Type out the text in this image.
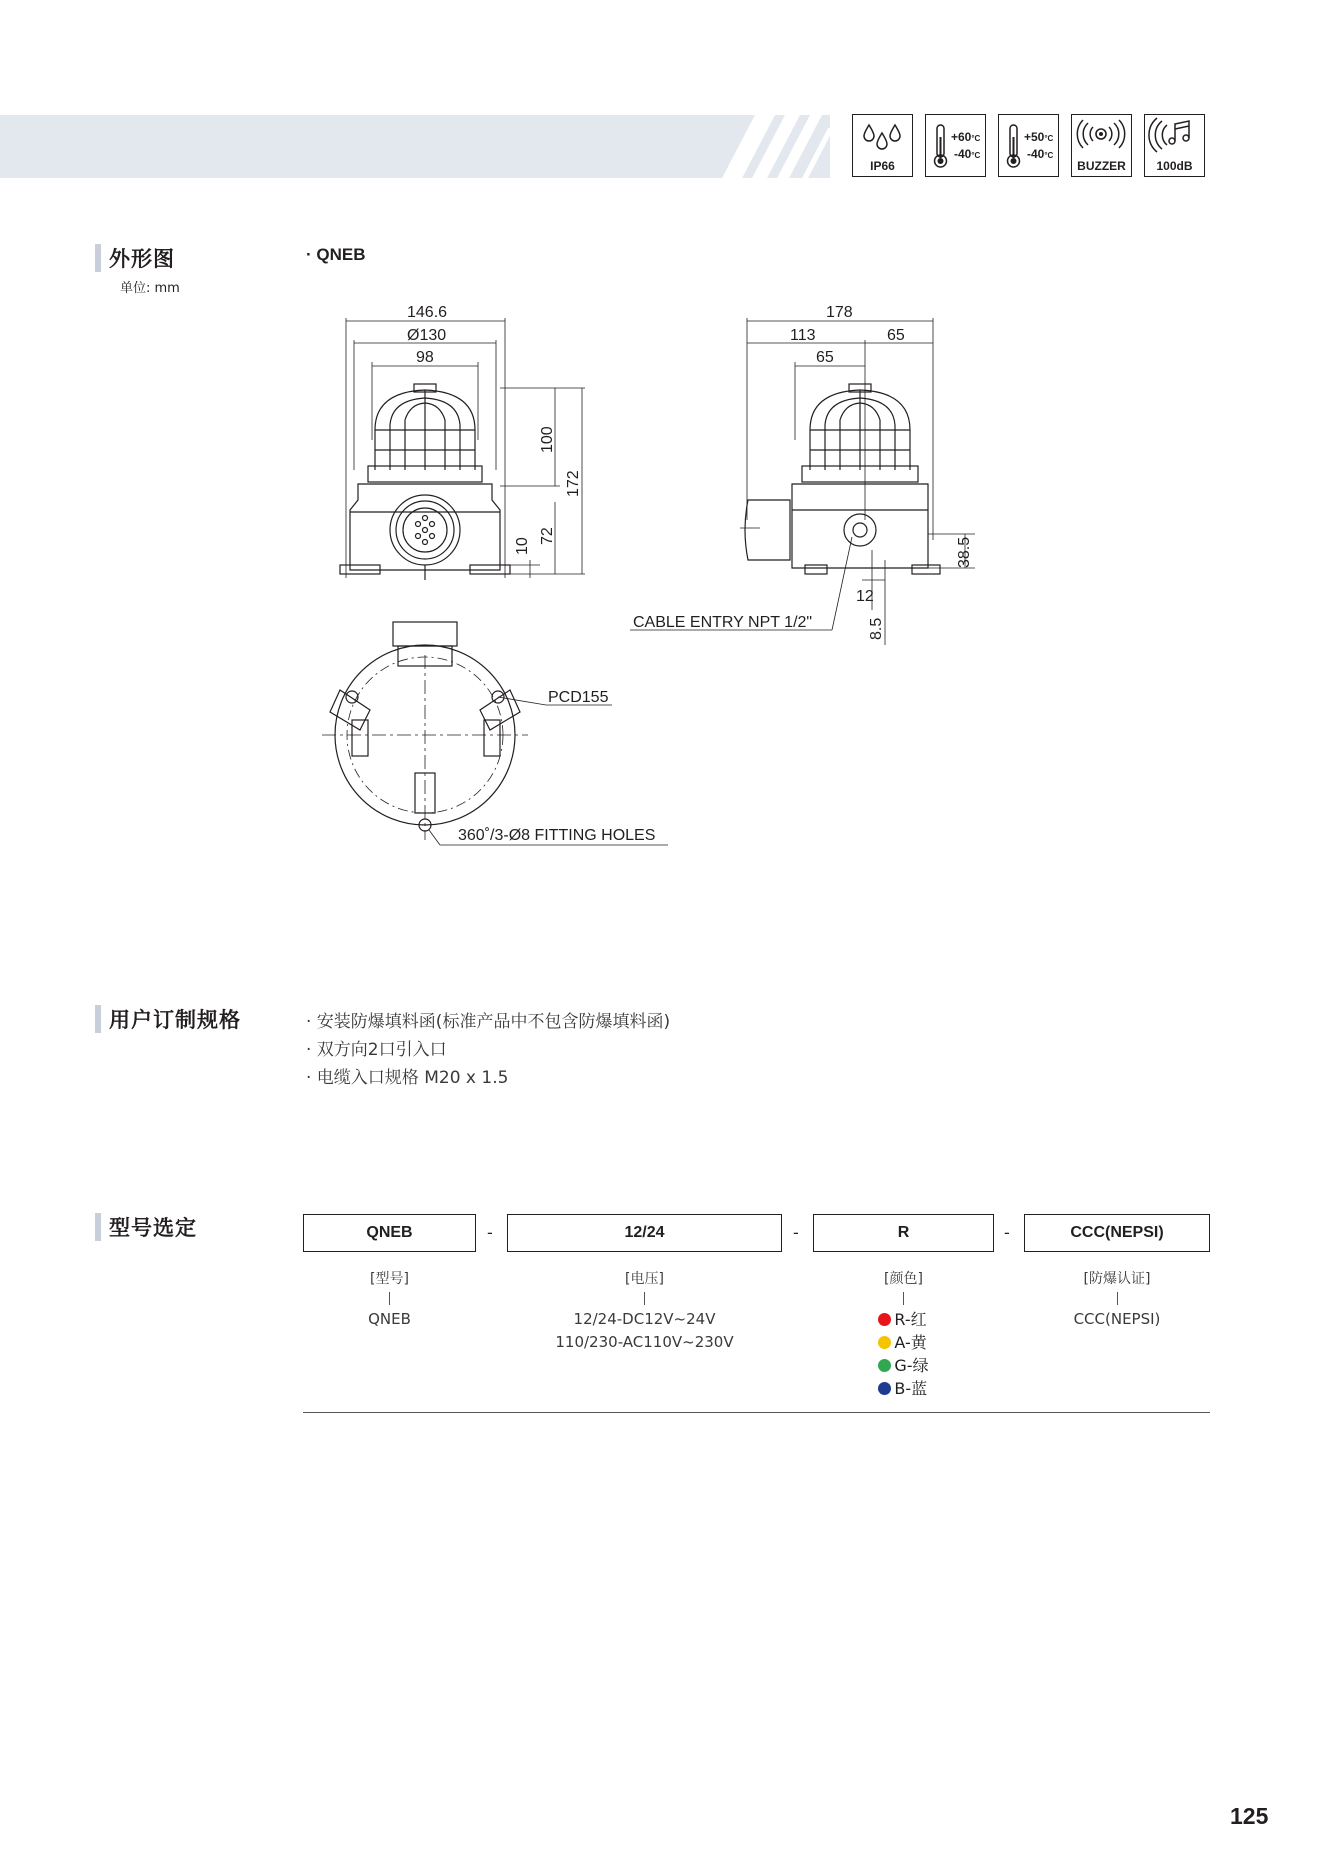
IP66
+60°C
-40°C
+50°C
-40°C
BUZZER	100dB
外形图
单位: mm
· QNEB
146.6
Ø130
98
100
172
10
72
178
113	65
65
38.5
12
8.5
CABLE ENTRY NPT 1/2"
PCD155
360˚/3-Ø8 FITTING HOLES
用户订制规格	· 安装防爆填料函(标准产品中不包含防爆填料函)
· 双方向2口引入口
· 电缆入口规格 M20 x 1.5
型号选定	QNEB	-	12/24	-	R	-	CCC(NEPSI)
[型号]
QNEB
[电压]
12/24-DC12V~24V
110/230-AC110V~230V
[颜色]
R-红
A-黄
G-绿
B-蓝
[防爆认证]
CCC(NEPSI)
125
